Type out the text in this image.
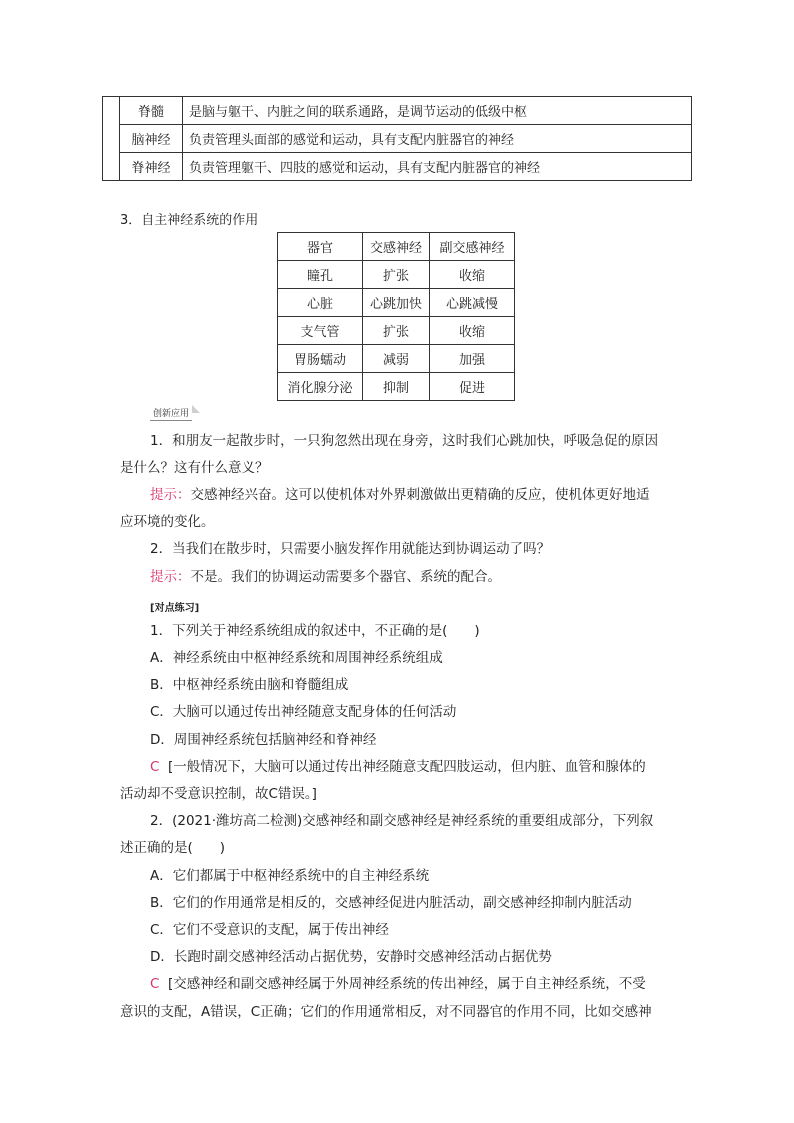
	脊髓	是脑与躯干、内脏之间的联系通路，是调节运动的低级中枢
	脑神经	负责管理头面部的感觉和运动，具有支配内脏器官的神经
	脊神经	负责管理躯干、四肢的感觉和运动，具有支配内脏器官的神经
3．自主神经系统的作用
器官	交感神经	副交感神经
瞳孔	扩张	收缩
心脏	心跳加快	心跳减慢
支气管	扩张	收缩
胃肠蠕动	减弱	加强
消化腺分泌	抑制	促进
创新应用
1．和朋友一起散步时，一只狗忽然出现在身旁，这时我们心跳加快，呼吸急促的原因
是什么？这有什么意义？
提示：交感神经兴奋。这可以使机体对外界刺激做出更精确的反应，使机体更好地适
应环境的变化。
2．当我们在散步时，只需要小脑发挥作用就能达到协调运动了吗？
提示：不是。我们的协调运动需要多个器官、系统的配合。
[对点练习]
1．下列关于神经系统组成的叙述中，不正确的是(　　)
A．神经系统由中枢神经系统和周围神经系统组成
B．中枢神经系统由脑和脊髓组成
C．大脑可以通过传出神经随意支配身体的任何活动
D．周围神经系统包括脑神经和脊神经
C [一般情况下，大脑可以通过传出神经随意支配四肢运动，但内脏、血管和腺体的
活动却不受意识控制，故C错误。]
2．(2021·潍坊高二检测)交感神经和副交感神经是神经系统的重要组成部分，下列叙
述正确的是(　　)
A．它们都属于中枢神经系统中的自主神经系统
B．它们的作用通常是相反的，交感神经促进内脏活动，副交感神经抑制内脏活动
C．它们不受意识的支配，属于传出神经
D．长跑时副交感神经活动占据优势，安静时交感神经活动占据优势
C [交感神经和副交感神经属于外周神经系统的传出神经，属于自主神经系统，不受
意识的支配，A错误，C正确；它们的作用通常相反，对不同器官的作用不同，比如交感神
